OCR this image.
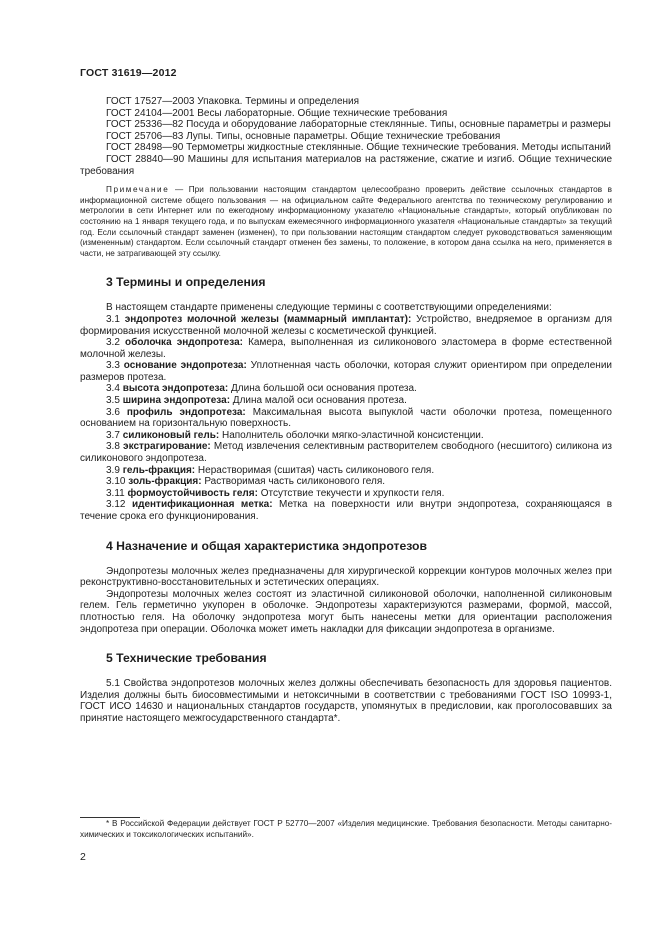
ГОСТ 31619—2012

ГОСТ 17527—2003 Упаковка. Термины и определения

ГОСТ 24104—2001 Весы лабораторные. Общие технические требования

ГОСТ 25336—82 Посуда и оборудование лабораторные стеклянные. Типы, основные параметры и размеры

ГОСТ 25706—83 Лупы. Типы, основные параметры. Общие технические требования

ГОСТ 28498—90 Термометры жидкостные стеклянные. Общие технические требования. Методы испытаний

ГОСТ 28840—90 Машины для испытания материалов на растяжение, сжатие и изгиб. Общие технические требования

Примечание — При пользовании настоящим стандартом целесообразно проверить действие ссылочных стандартов в информационной системе общего пользования — на официальном сайте Федерального агентства по техническому регулированию и метрологии в сети Интернет или по ежегодному информационному указателю «Национальные стандарты», который опубликован по состоянию на 1 января текущего года, и по выпускам ежемесячного информационного указателя «Национальные стандарты» за текущий год. Если ссылочный стандарт заменен (изменен), то при пользовании настоящим стандартом следует руководствоваться заменяющим (измененным) стандартом. Если ссылочный стандарт отменен без замены, то положение, в котором дана ссылка на него, применяется в части, не затрагивающей эту ссылку.

3 Термины и определения

В настоящем стандарте применены следующие термины с соответствующими определениями:

3.1 эндопротез молочной железы (маммарный имплантат): Устройство, внедряемое в организм для формирования искусственной молочной железы с косметической функцией.

3.2 оболочка эндопротеза: Камера, выполненная из силиконового эластомера в форме естественной молочной железы.

3.3 основание эндопротеза: Уплотненная часть оболочки, которая служит ориентиром при определении размеров протеза.

3.4 высота эндопротеза: Длина большой оси основания протеза.

3.5 ширина эндопротеза: Длина малой оси основания протеза.

3.6 профиль эндопротеза: Максимальная высота выпуклой части оболочки протеза, помещенного основанием на горизонтальную поверхность.

3.7 силиконовый гель: Наполнитель оболочки мягко-эластичной консистенции.

3.8 экстрагирование: Метод извлечения селективным растворителем свободного (несшитого) силикона из силиконового эндопротеза.

3.9 гель-фракция: Нерастворимая (сшитая) часть силиконового геля.

3.10 золь-фракция: Растворимая часть силиконового геля.

3.11 формоустойчивость геля: Отсутствие текучести и хрупкости геля.

3.12 идентификационная метка: Метка на поверхности или внутри эндопротеза, сохраняющаяся в течение срока его функционирования.

4 Назначение и общая характеристика эндопротезов

Эндопротезы молочных желез предназначены для хирургической коррекции контуров молочных желез при реконструктивно-восстановительных и эстетических операциях.

Эндопротезы молочных желез состоят из эластичной силиконовой оболочки, наполненной силиконовым гелем. Гель герметично укупорен в оболочке. Эндопротезы характеризуются размерами, формой, массой, плотностью геля. На оболочку эндопротеза могут быть нанесены метки для ориентации расположения эндопротеза при операции. Оболочка может иметь накладки для фиксации эндопротеза в организме.

5 Технические требования

5.1 Свойства эндопротезов молочных желез должны обеспечивать безопасность для здоровья пациентов. Изделия должны быть биосовместимыми и нетоксичными в соответствии с требованиями ГОСТ ISO 10993-1, ГОСТ ИСО 14630 и национальных стандартов государств, упомянутых в предисловии, как проголосовавших за принятие настоящего межгосударственного стандарта*.

* В Российской Федерации действует ГОСТ Р 52770—2007 «Изделия медицинские. Требования безопасности. Методы санитарно-химических и токсикологических испытаний».
2
